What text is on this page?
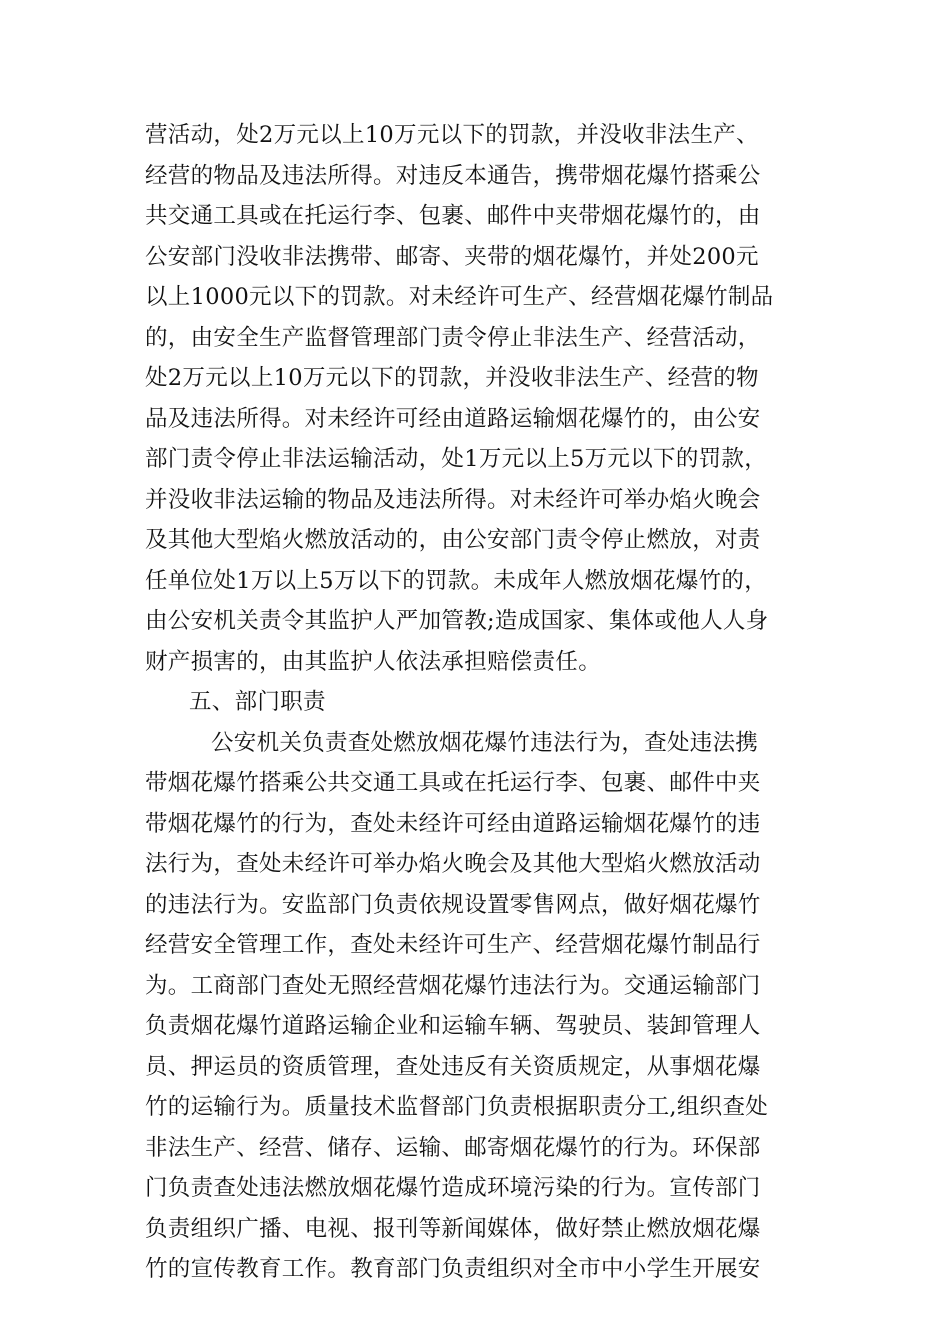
营活动，处2万元以上10万元以下的罚款，并没收非法生产、
经营的物品及违法所得。对违反本通告，携带烟花爆竹搭乘公
共交通工具或在托运行李、包裹、邮件中夹带烟花爆竹的，由
公安部门没收非法携带、邮寄、夹带的烟花爆竹，并处200元
以上1000元以下的罚款。对未经许可生产、经营烟花爆竹制品
的，由安全生产监督管理部门责令停止非法生产、经营活动，
处2万元以上10万元以下的罚款，并没收非法生产、经营的物
品及违法所得。对未经许可经由道路运输烟花爆竹的，由公安
部门责令停止非法运输活动，处1万元以上5万元以下的罚款，
并没收非法运输的物品及违法所得。对未经许可举办焰火晚会
及其他大型焰火燃放活动的，由公安部门责令停止燃放，对责
任单位处1万以上5万以下的罚款。未成年人燃放烟花爆竹的，
由公安机关责令其监护人严加管教;造成国家、集体或他人人身
财产损害的，由其监护人依法承担赔偿责任。
五、部门职责
公安机关负责查处燃放烟花爆竹违法行为，查处违法携
带烟花爆竹搭乘公共交通工具或在托运行李、包裹、邮件中夹
带烟花爆竹的行为，查处未经许可经由道路运输烟花爆竹的违
法行为，查处未经许可举办焰火晚会及其他大型焰火燃放活动
的违法行为。安监部门负责依规设置零售网点，做好烟花爆竹
经营安全管理工作，查处未经许可生产、经营烟花爆竹制品行
为。工商部门查处无照经营烟花爆竹违法行为。交通运输部门
负责烟花爆竹道路运输企业和运输车辆、驾驶员、装卸管理人
员、押运员的资质管理，查处违反有关资质规定，从事烟花爆
竹的运输行为。质量技术监督部门负责根据职责分工,组织查处
非法生产、经营、储存、运输、邮寄烟花爆竹的行为。环保部
门负责查处违法燃放烟花爆竹造成环境污染的行为。宣传部门
负责组织广播、电视、报刊等新闻媒体，做好禁止燃放烟花爆
竹的宣传教育工作。教育部门负责组织对全市中小学生开展安
